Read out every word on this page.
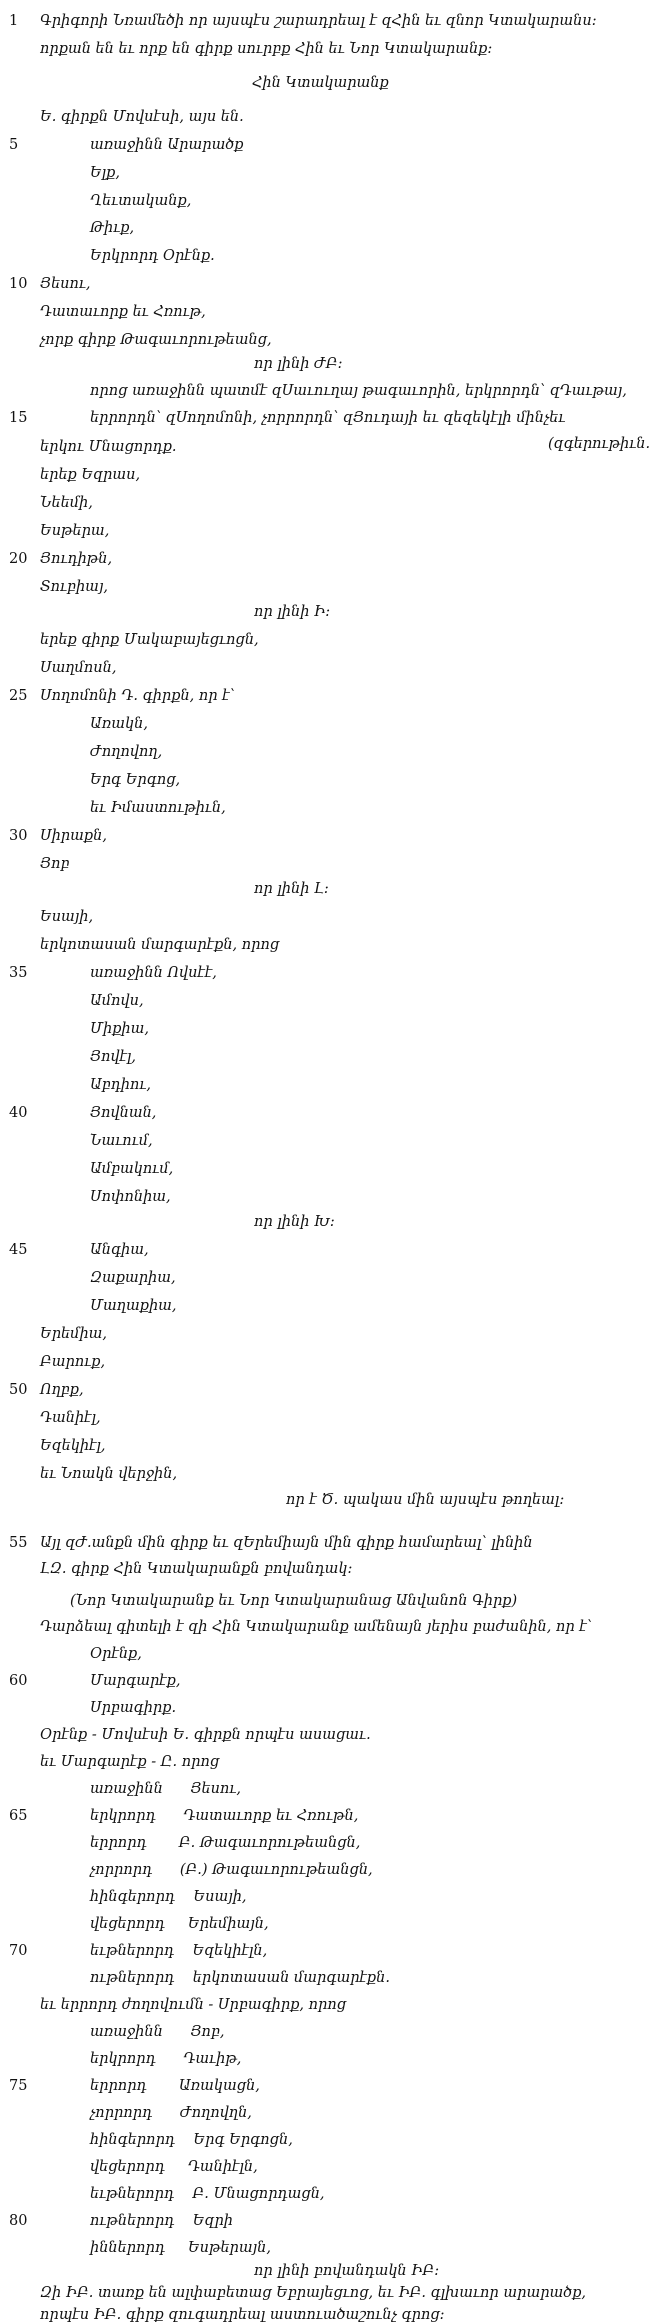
1	Գրիգորի Նռամեծի որ այսպէս շարադրեալ է զՀին եւ զնոր Կտակարանս:
որքան են եւ որք են գիրք սուրբք Հին եւ Նոր Կտակարանք:
Հին Կտակարանք
Ե. գիրքն Մովսէսի, այս են.
5	առաջինն Արարածք
Ելք,
Ղեւտականք,
Թիւք,
Երկրորդ Օրէնք.
10 Յեսու,
Դատաւորք եւ Հռութ,
չորք գիրք Թագաւորութեանց,
որ լինի ԺԲ:
որոց առաջինն պատմէ զՍաւուղայ թագաւորին, երկրորդն՝ զԴաւթայ,
15	երրորդն՝ զՍողոմոնի, չորրորդն՝ զՅուդայի եւ զեզեկէլի մինչեւ
(զգերութիւն.
երկու Մնացորդք.
երեք Եզրաս,
Նեեմի,
Եսթերա,
20 Յուդիթն,
Տուբիայ,
որ լինի Ի:
երեք գիրք Մակաբայեցւոցն,
Սաղմոսն,
25 Սողոմոնի Դ. գիրքն, որ է՝
Առակն,
Ժողովող,
Երգ Երգոց,
եւ Իմաստութիւն,
30 Սիրաքն,
Յոբ
որ լինի Լ:
Եսայի,
երկոտասան մարգարէքն, որոց
35	առաջինն Ովսէէ,
Ամովս,
Միքիա,
Յովէլ,
Աբդիու,
40	Յովնան,
Նաւում,
Ամբակում,
Սոփոնիա,
որ լինի Խ:
45	Անգիա,
Զաքարիա,
Մաղաքիա,
Երեմիա,
Բարուք,
50 Ողբք,
Դանիէլ,
Եզեկիէլ,
եւ Նոակն վերջին,
որ է Ծ. պակաս մին այսպէս թողեալ:
55 Այլ զԺ.անքն մին գիրք եւ զԵրեմիայն մին գիրք համարեալ՝ լինին
ԼԶ. գիրք Հին Կտակարանքն բովանդակ:
(Նոր Կտակարանք եւ Նոր Կտակարանաց Անվանոն Գիրք)
Դարձեալ գիտելի է զի Հին Կտակարանք ամենայն յերիս բաժանին, որ է՝
Օրէնք,
60	Մարգարէք,
Սրբագիրք.
Օրէնք - Մովսէսի Ե. գիրքն որպէս ասացաւ.
եւ Մարգարէք - Ը. որոց
առաջինն      Յեսու,
65	երկրորդ      Դատաւորք եւ Հռութն,
երրորդ       Բ. Թագաւորութեանցն,
չորրորդ      (Բ.) Թագաւորութեանցն,
հինգերորդ    Եսայի,
վեցերորդ     Երեմիայն,
70	եւթներորդ    Եզեկիէլն,
ութներորդ    երկոտասան մարգարէքն.
եւ երրորդ ժողովումն - Սրբագիրք, որոց
առաջինն      Յոբ,
երկրորդ      Դաւիթ,
75	երրորդ       Առակացն,
չորրորդ      Ժողովղն,
հինգերորդ    Երգ Երգոցն,
վեցերորդ     Դանիէլն,
եւթներորդ    Բ. Մնացորդացն,
80	ութներորդ    Եզրի
իններորդ     Եսթերայն,
որ լինի բովանդակն ԻԲ:
Զի ԻԲ. տառք են ալփաբետաց Եբրայեցւոց, եւ ԻԲ. գլխաւոր արարածք,
որպէս ԻԲ. գիրք զուգադրեալ աստուածաշունչ գրոց:
